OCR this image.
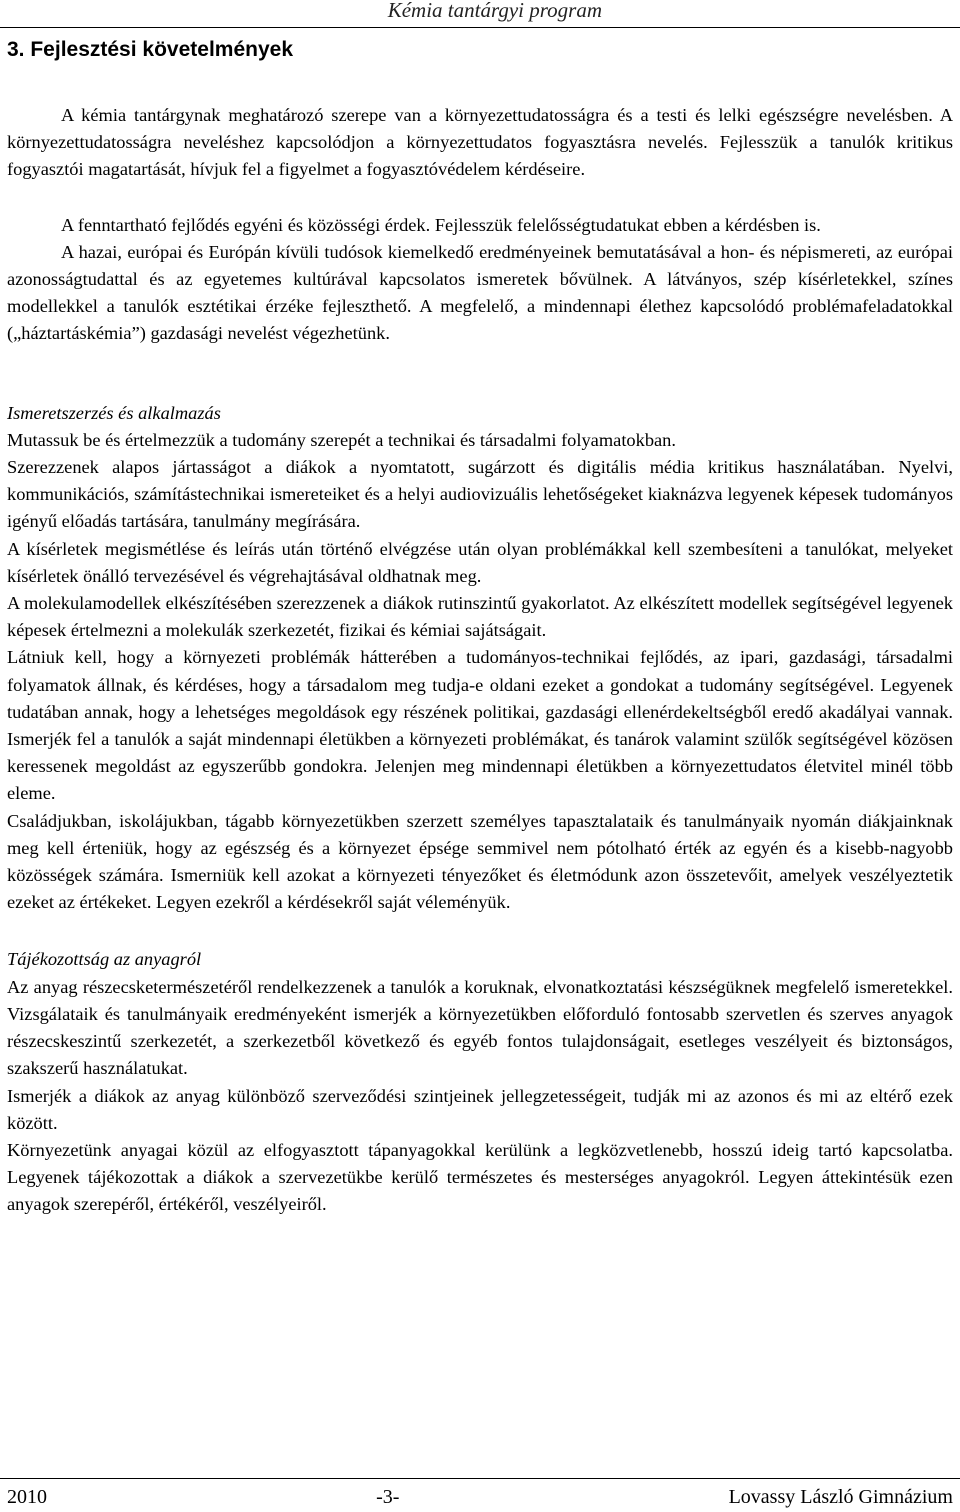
Kémia tantárgyi program
3. Fejlesztési követelmények

A kémia tantárgynak meghatározó szerepe van a környezettudatosságra és a testi és lelki egészségre nevelésben. A környezettudatosságra neveléshez kapcsolódjon a környezettudatos fogyasztásra nevelés. Fejlesszük a tanulók kritikus fogyasztói magatartását, hívjuk fel a figyelmet a fogyasztóvédelem kérdéseire.

A fenntartható fejlődés egyéni és közösségi érdek. Fejlesszük felelősségtudatukat ebben a kérdésben is.

A hazai, európai és Európán kívüli tudósok kiemelkedő eredményeinek bemutatásával a hon- és népismereti, az európai azonosságtudattal és az egyetemes kultúrával kapcsolatos ismeretek bővülnek. A látványos, szép kísérletekkel, színes modellekkel a tanulók esztétikai érzéke fejleszthető. A megfelelő, a mindennapi élethez kapcsolódó problémafeladatokkal („háztartáskémia”) gazdasági nevelést végezhetünk.

Ismeretszerzés és alkalmazás

Mutassuk be és értelmezzük a tudomány szerepét a technikai és társadalmi folyamatokban.

Szerezzenek alapos jártasságot a diákok a nyomtatott, sugárzott és digitális média kritikus használatában. Nyelvi, kommunikációs, számítástechnikai ismereteiket és a helyi audiovizuális lehetőségeket kiaknázva legyenek képesek tudományos igényű előadás tartására, tanulmány megírására.

A kísérletek megismétlése és leírás után történő elvégzése után olyan problémákkal kell szembesíteni a tanulókat, melyeket kísérletek önálló tervezésével és végrehajtásával oldhatnak meg.

A molekulamodellek elkészítésében szerezzenek a diákok rutinszintű gyakorlatot. Az elkészített modellek segítségével legyenek képesek értelmezni a molekulák szerkezetét, fizikai és kémiai sajátságait.

Látniuk kell, hogy a környezeti problémák hátterében a tudományos-technikai fejlődés, az ipari, gazdasági, társadalmi folyamatok állnak, és kérdéses, hogy a társadalom meg tudja-e oldani ezeket a gondokat a tudomány segítségével. Legyenek tudatában annak, hogy a lehetséges megoldások egy részének politikai, gazdasági ellenérdekeltségből eredő akadályai vannak. Ismerjék fel a tanulók a saját mindennapi életükben a környezeti problémákat, és tanárok valamint szülők segítségével közösen keressenek megoldást az egyszerűbb gondokra. Jelenjen meg mindennapi életükben a környezettudatos életvitel minél több eleme.

Családjukban, iskolájukban, tágabb környezetükben szerzett személyes tapasztalataik és tanulmányaik nyomán diákjainknak meg kell érteniük, hogy az egészség és a környezet épsége semmivel nem pótolható érték az egyén és a kisebb-nagyobb közösségek számára. Ismerniük kell azokat a környezeti tényezőket és életmódunk azon összetevőit, amelyek veszélyeztetik ezeket az értékeket. Legyen ezekről a kérdésekről saját véleményük.

Tájékozottság az anyagról

Az anyag részecsketermészetéről rendelkezzenek a tanulók a koruknak, elvonatkoztatási készségüknek megfelelő ismeretekkel. Vizsgálataik és tanulmányaik eredményeként ismerjék a környezetükben előforduló fontosabb szervetlen és szerves anyagok részecskeszintű szerkezetét, a szerkezetből következő és egyéb fontos tulajdonságait, esetleges veszélyeit és biztonságos, szakszerű használatukat.

Ismerjék a diákok az anyag különböző szerveződési szintjeinek jellegzetességeit, tudják mi az azonos és mi az eltérő ezek között.

Környezetünk anyagai közül az elfogyasztott tápanyagokkal kerülünk a legközvetlenebb, hosszú ideig tartó kapcsolatba. Legyenek tájékozottak a diákok a szervezetükbe kerülő természetes és mesterséges anyagokról. Legyen áttekintésük ezen anyagok szerepéről, értékéről, veszélyeiről.

2010	-3-	Lovassy László Gimnázium
